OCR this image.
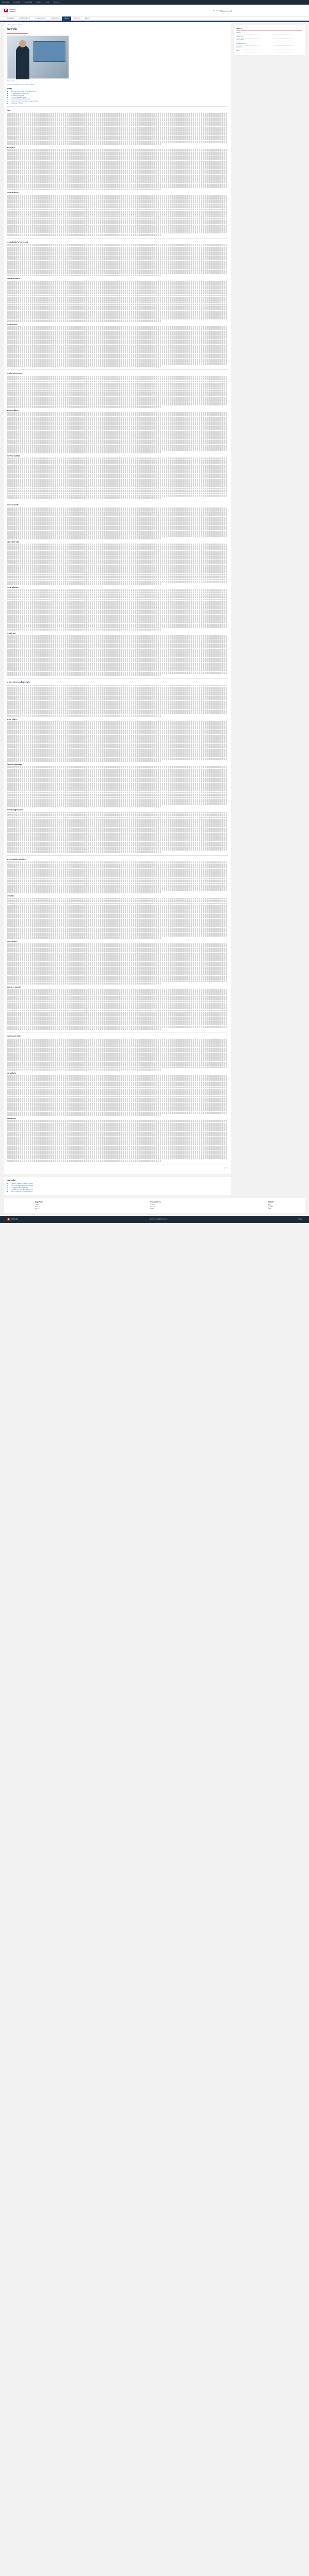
Bloomberg | ข่าวเด่นวันนี้ | Bangkok Biz | นิตยสาร | อีเวนท์ | จุดประกาย
P	Posttoday
โพสต์ทูเดย์	EN TH
ค้นหา
ข้อมูลสำคัญ	ประวัติและนโยบาย	ข่าวเด่นจากนายกฯ	บทความพิเศษ	มุมมอง	อัลบั้มภาพ	ติดต่อเรา	⌕
หน้าแรก › บทความ › บทความ
บทความ
13 ก.ย. 2564
เบื้องหลังความสำเร็จของงานบริหารสถานการณ์โควิด
สารบัญ
• บทนำ: ความท้าทายในการบริหารสถานการณ์
• การจัดตั้งศูนย์บริหารสถานการณ์
• การสื่อสารกับประชาชน
• การกระจายวัคซีนอย่างทั่วถึง
• มาตรการเยียวยาและฟื้นฟูเศรษฐกิจ
• การทำงานร่วมกับภาคเอกชนและภาคประชาสังคม
• บทเรียนและก้าวต่อไป
บทนำ
ความท้าทาย
แนวทางการทำงาน
การจัดตั้งศูนย์บริหารสถานการณ์
โครงสร้างการบริหาร
การประสานงาน
การสื่อสารกับประชาชน
ช่องทางการสื่อสาร
การสร้างความเชื่อมั่น
การกระจายวัคซีน
แผนการจัดหาวัคซีน
การฉีดวัคซีนเชิงรุก
การติดตามผล
มาตรการเยียวยาและฟื้นฟูเศรษฐกิจ
มาตรการเยียวยา
โครงการกระตุ้นเศรษฐกิจ
การช่วยเหลือผู้ประกอบการ
ความร่วมมือกับภาคส่วนต่างๆ
ภาคเอกชน
ภาคประชาสังคม
องค์กรระหว่างประเทศ
บทเรียนและก้าวต่อไป
บทเรียนที่ได้รับ
แผนในอนาคต
แชร์ ⤴
บทความ
มุมมอง
บทสัมภาษณ์
บทความพิเศษ
ข่าวเด่นจากนายกฯ
อัลบั้มภาพ
วีดีโอ
บทความอื่นๆ
• เส้นทางการพัฒนาประเทศสู่ความยั่งยืน
• นโยบายเศรษฐกิจหลังสถานการณ์โควิด
• การปฏิรูปการศึกษาเพื่ออนาคต
• การพัฒนาโครงสร้างพื้นฐานทั่วประเทศ
• ความร่วมมือระหว่างประเทศในภูมิภาค
ข้อมูลสำคัญ
ประวัติ
นโยบาย
ผลงาน
ข่าวและบทความ
ข่าวเด่น
บทความ
มุมมอง
ติดต่อเรา
ที่อยู่
โทรศัพท์
อีเมล
P	Posttoday	Copyright © All Rights Reserved.	f t ▶
